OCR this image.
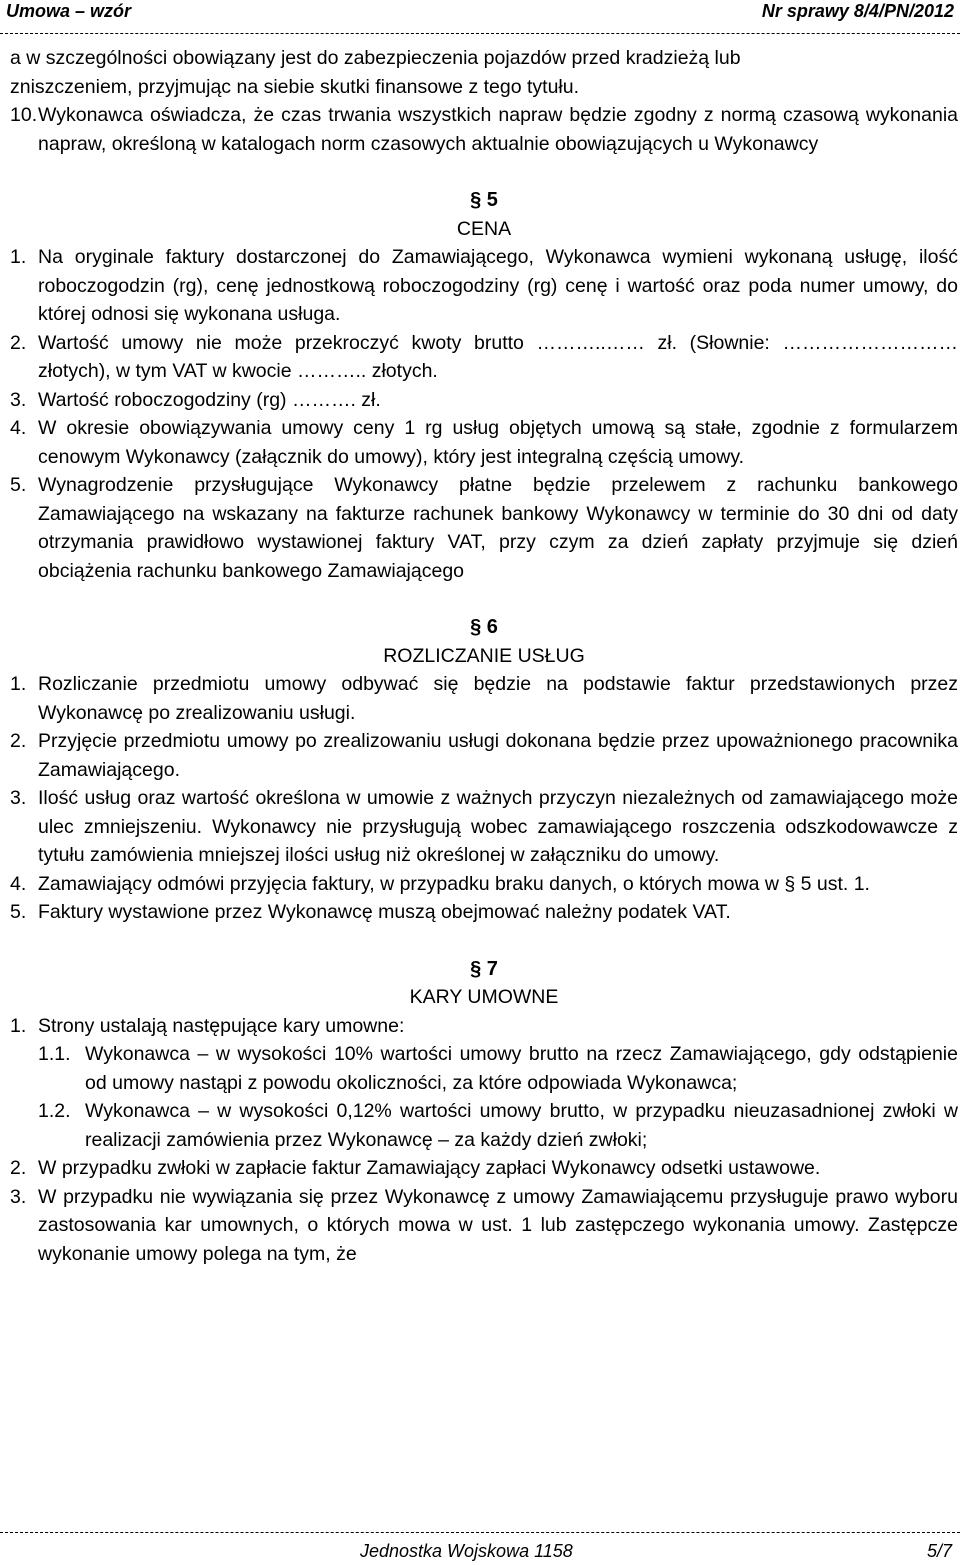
Umowa – wzór	Nr sprawy 8/4/PN/2012

a w szczególności obowiązany jest do zabezpieczenia pojazdów przed kradzieżą lub

zniszczeniem, przyjmując na siebie skutki finansowe z tego tytułu.

10. Wykonawca oświadcza, że czas trwania wszystkich napraw będzie zgodny z normą czasową wykonania napraw, określoną w katalogach norm czasowych aktualnie obowiązujących u Wykonawcy

§ 5

CENA

1. Na oryginale faktury dostarczonej do Zamawiającego, Wykonawca wymieni wykonaną usługę, ilość roboczogodzin (rg), cenę jednostkową roboczogodziny (rg) cenę i wartość oraz poda numer umowy, do której odnosi się wykonana usługa.
2. Wartość umowy nie może przekroczyć kwoty brutto ………..…… zł. (Słownie: ……………………… złotych), w tym VAT w kwocie ……….. złotych.
3. Wartość roboczogodziny (rg) ………. zł.
4. W okresie obowiązywania umowy ceny 1 rg usług objętych umową są stałe, zgodnie z formularzem cenowym Wykonawcy (załącznik do umowy), który jest integralną częścią umowy.
5. Wynagrodzenie przysługujące Wykonawcy płatne będzie przelewem z rachunku bankowego Zamawiającego na wskazany na fakturze rachunek bankowy Wykonawcy w terminie do 30 dni od daty otrzymania prawidłowo wystawionej faktury VAT, przy czym za dzień zapłaty przyjmuje się dzień obciążenia rachunku bankowego Zamawiającego

§ 6

ROZLICZANIE USŁUG

1. Rozliczanie przedmiotu umowy odbywać się będzie na podstawie faktur przedstawionych przez Wykonawcę po zrealizowaniu usługi.
2. Przyjęcie przedmiotu umowy po zrealizowaniu usługi dokonana będzie przez upoważnionego pracownika Zamawiającego.
3. Ilość usług oraz wartość określona w umowie z ważnych przyczyn niezależnych od zamawiającego może ulec zmniejszeniu. Wykonawcy nie przysługują wobec zamawiającego roszczenia odszkodowawcze z tytułu zamówienia mniejszej ilości usług niż określonej w załączniku do umowy.
4. Zamawiający odmówi przyjęcia faktury, w przypadku braku danych, o których mowa w § 5 ust. 1.
5. Faktury wystawione przez Wykonawcę muszą obejmować należny podatek VAT.

§ 7

KARY UMOWNE

1. Strony ustalają następujące kary umowne:
1.1. Wykonawca – w wysokości 10% wartości umowy brutto na rzecz Zamawiającego, gdy odstąpienie od umowy nastąpi z powodu okoliczności, za które odpowiada Wykonawca;
1.2. Wykonawca – w wysokości 0,12% wartości umowy brutto, w przypadku nieuzasadnionej zwłoki w realizacji zamówienia przez Wykonawcę – za każdy dzień zwłoki;
2. W przypadku zwłoki w zapłacie faktur Zamawiający zapłaci Wykonawcy odsetki ustawowe.
3. W przypadku nie wywiązania się przez Wykonawcę z umowy Zamawiającemu przysługuje prawo wyboru zastosowania kar umownych, o których mowa w ust. 1 lub zastępczego wykonania umowy. Zastępcze wykonanie umowy polega na tym, że
Jednostka Wojskowa 1158	5/7
